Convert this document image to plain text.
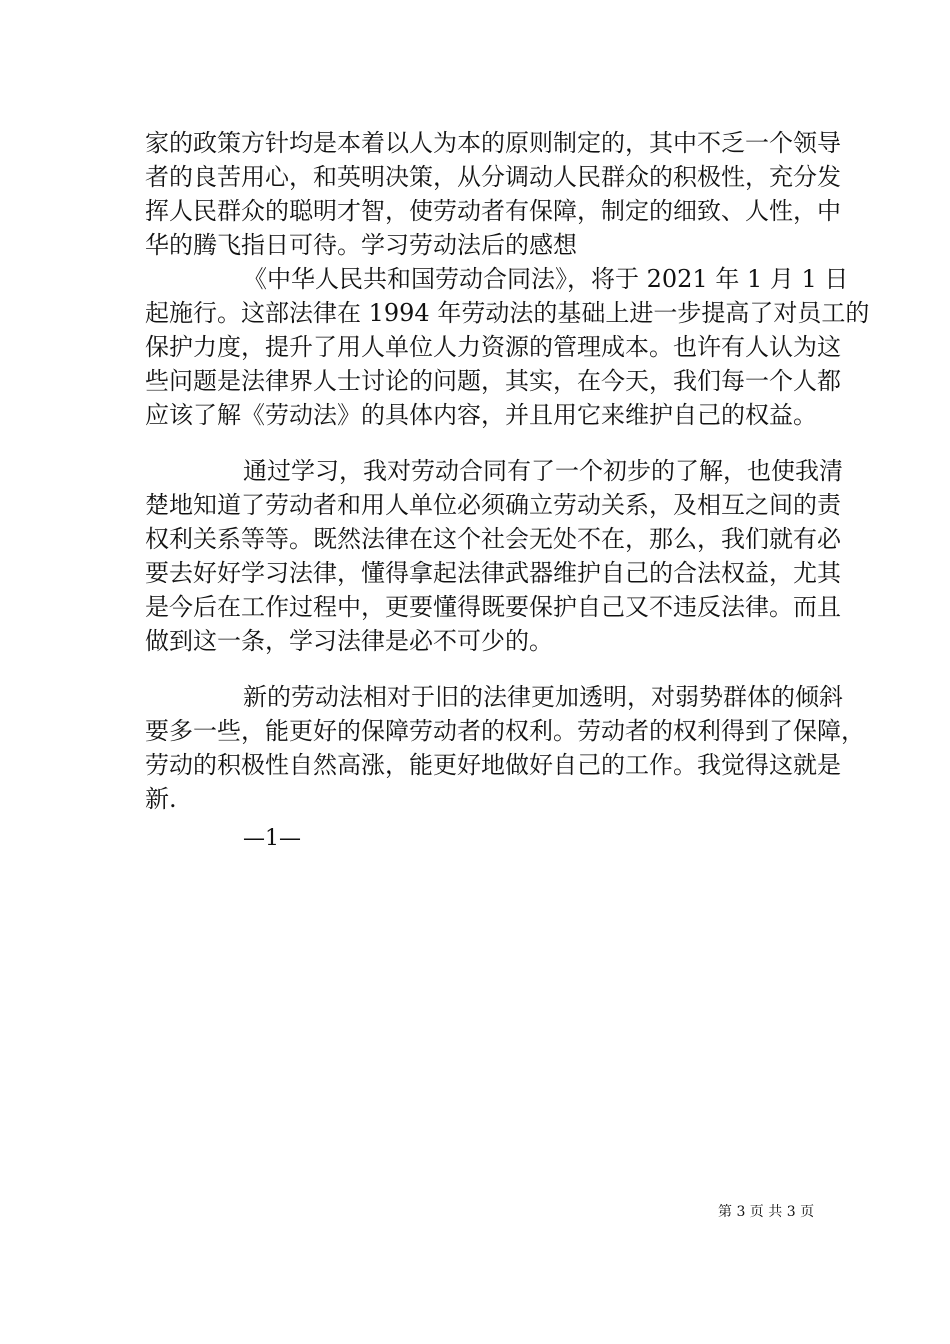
家的政策方针均是本着以人为本的原则制定的，其中不乏一个领导
者的良苦用心，和英明决策，从分调动人民群众的积极性，充分发
挥人民群众的聪明才智，使劳动者有保障，制定的细致、人性，中
华的腾飞指日可待。学习劳动法后的感想
《中华人民共和国劳动合同法》，将于 2021 年 1 月 1 日
起施行。这部法律在 1994 年劳动法的基础上进一步提高了对员工的
保护力度，提升了用人单位人力资源的管理成本。也许有人认为这
些问题是法律界人士讨论的问题，其实，在今天，我们每一个人都
应该了解《劳动法》的具体内容，并且用它来维护自己的权益。
通过学习，我对劳动合同有了一个初步的了解，也使我清
楚地知道了劳动者和用人单位必须确立劳动关系，及相互之间的责
权利关系等等。既然法律在这个社会无处不在，那么，我们就有必
要去好好学习法律，懂得拿起法律武器维护自己的合法权益，尤其
是今后在工作过程中，更要懂得既要保护自己又不违反法律。而且
做到这一条，学习法律是必不可少的。
新的劳动法相对于旧的法律更加透明，对弱势群体的倾斜
要多一些，能更好的保障劳动者的权利。劳动者的权利得到了保障，
劳动的积极性自然高涨，能更好地做好自己的工作。我觉得这就是
新.
—1—
第 3 页 共 3 页
